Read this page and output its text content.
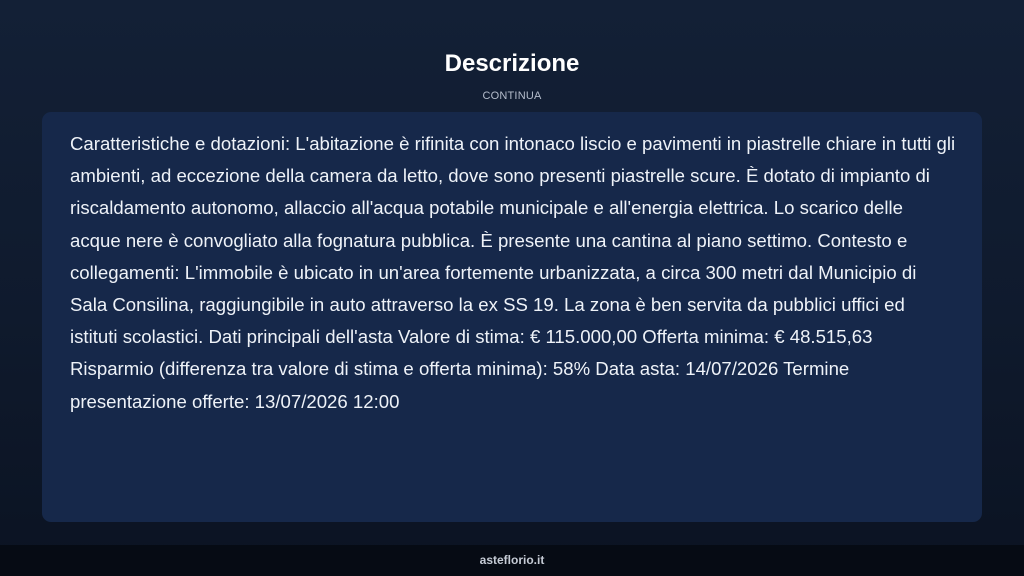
Descrizione
CONTINUA

Caratteristiche e dotazioni: L'abitazione è rifinita con intonaco liscio e pavimenti in piastrelle chiare in tutti gli ambienti, ad eccezione della camera da letto, dove sono presenti piastrelle scure. È dotato di impianto di riscaldamento autonomo, allaccio all'acqua potabile municipale e all'energia elettrica. Lo scarico delle acque nere è convogliato alla fognatura pubblica. È presente una cantina al piano settimo. Contesto e collegamenti: L'immobile è ubicato in un'area fortemente urbanizzata, a circa 300 metri dal Municipio di Sala Consilina, raggiungibile in auto attraverso la ex SS 19. La zona è ben servita da pubblici uffici ed istituti scolastici. Dati principali dell'asta Valore di stima: € 115.000,00 Offerta minima: € 48.515,63 Risparmio (differenza tra valore di stima e offerta minima): 58% Data asta: 14/07/2026 Termine presentazione offerte: 13/07/2026 12:00

asteflorio.it
